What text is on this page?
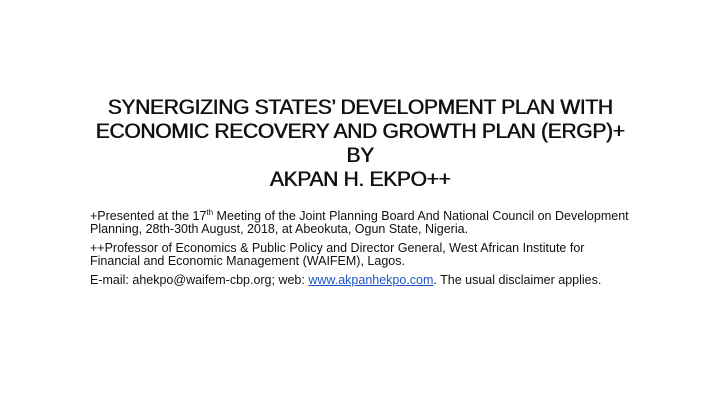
SYNERGIZING STATES’ DEVELOPMENT PLAN WITH
ECONOMIC RECOVERY AND GROWTH PLAN (ERGP)+
BY
AKPAN H. EKPO++

+Presented at the 17th Meeting of the Joint Planning Board And National Council on Development Planning, 28th-30th August, 2018, at Abeokuta, Ogun State, Nigeria.

++Professor of Economics & Public Policy and Director General, West African Institute for Financial and Economic Management (WAIFEM), Lagos.

E-mail: ahekpo@waifem-cbp.org; web: www.akpanhekpo.com. The usual disclaimer applies.
